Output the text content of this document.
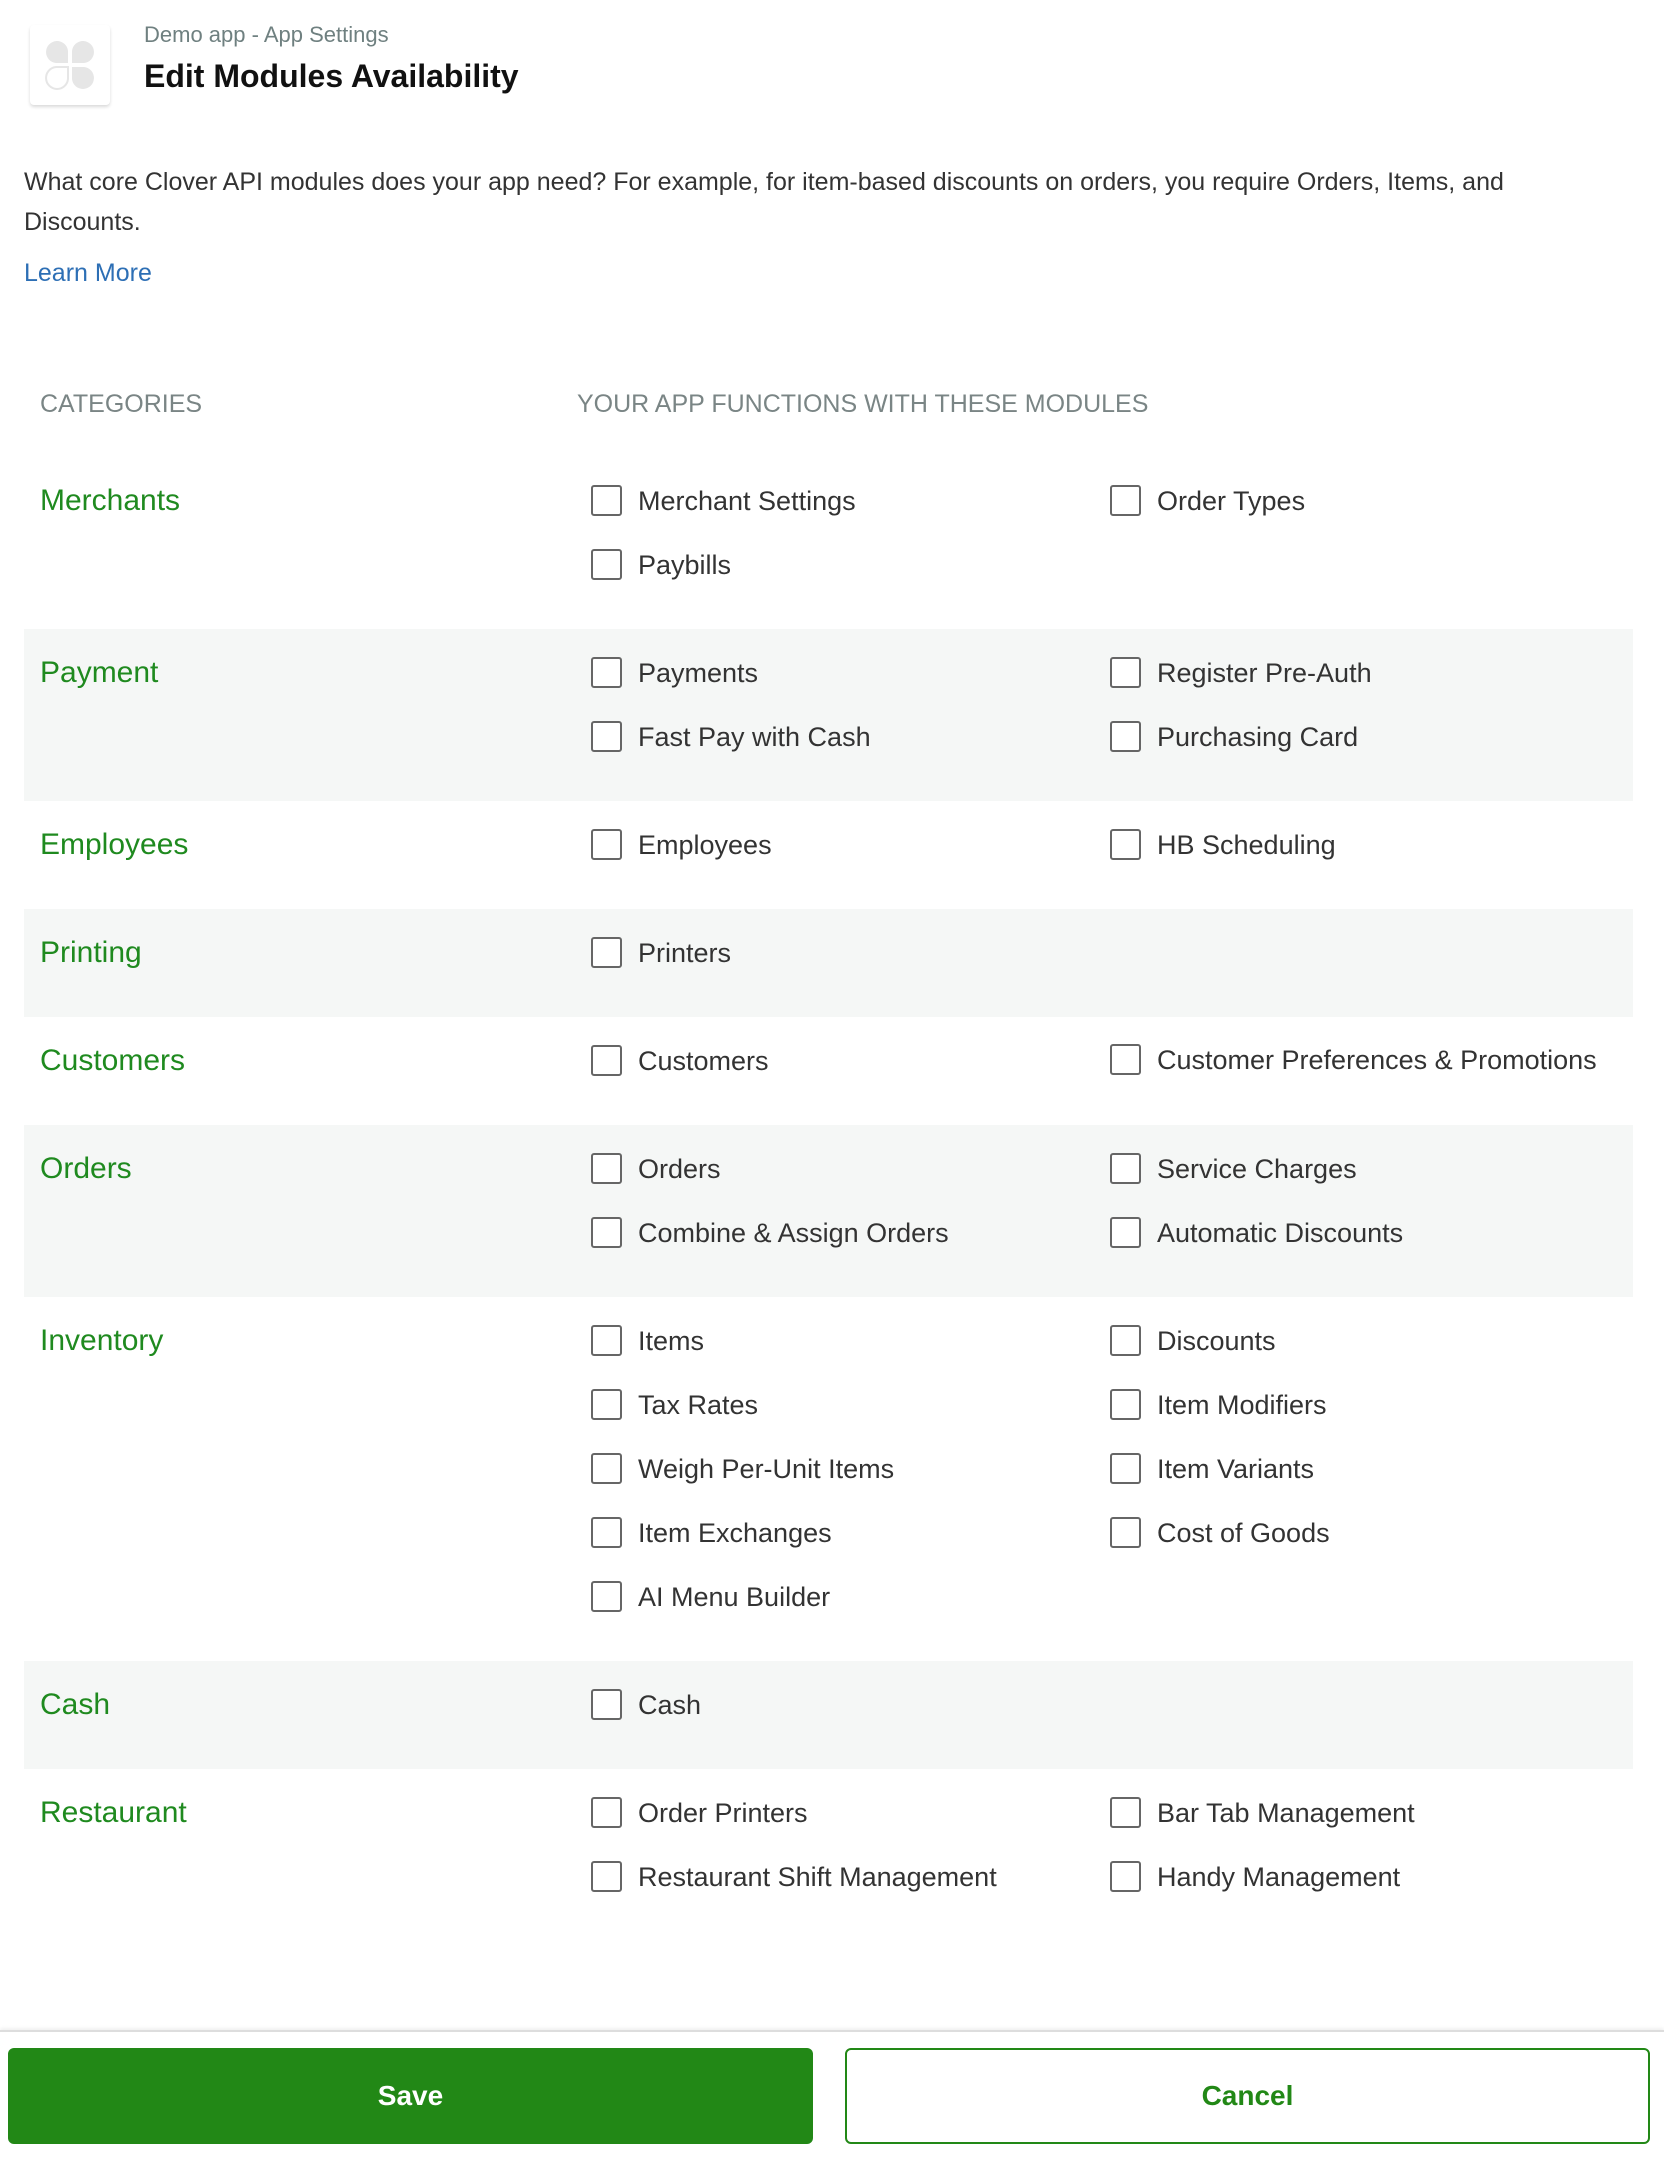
Demo app - App Settings
Edit Modules Availability
What core Clover API modules does your app need? For example, for item-based discounts on orders, you require Orders, Items, and Discounts.
Learn More
CATEGORIES	YOUR APP FUNCTIONS WITH THESE MODULES
Merchants	Merchant Settings	Order Types
Paybills
Payment	Payments	Register Pre-Auth
Fast Pay with Cash	Purchasing Card
Employees	Employees	HB Scheduling
Printing	Printers
Customers	Customers	Customer Preferences & Promotions
Orders	Orders	Service Charges
Combine & Assign Orders	Automatic Discounts
Inventory	Items	Discounts
Tax Rates	Item Modifiers
Weigh Per-Unit Items	Item Variants
Item Exchanges	Cost of Goods
AI Menu Builder
Cash	Cash
Restaurant	Order Printers	Bar Tab Management
Restaurant Shift Management	Handy Management
Save	Cancel
